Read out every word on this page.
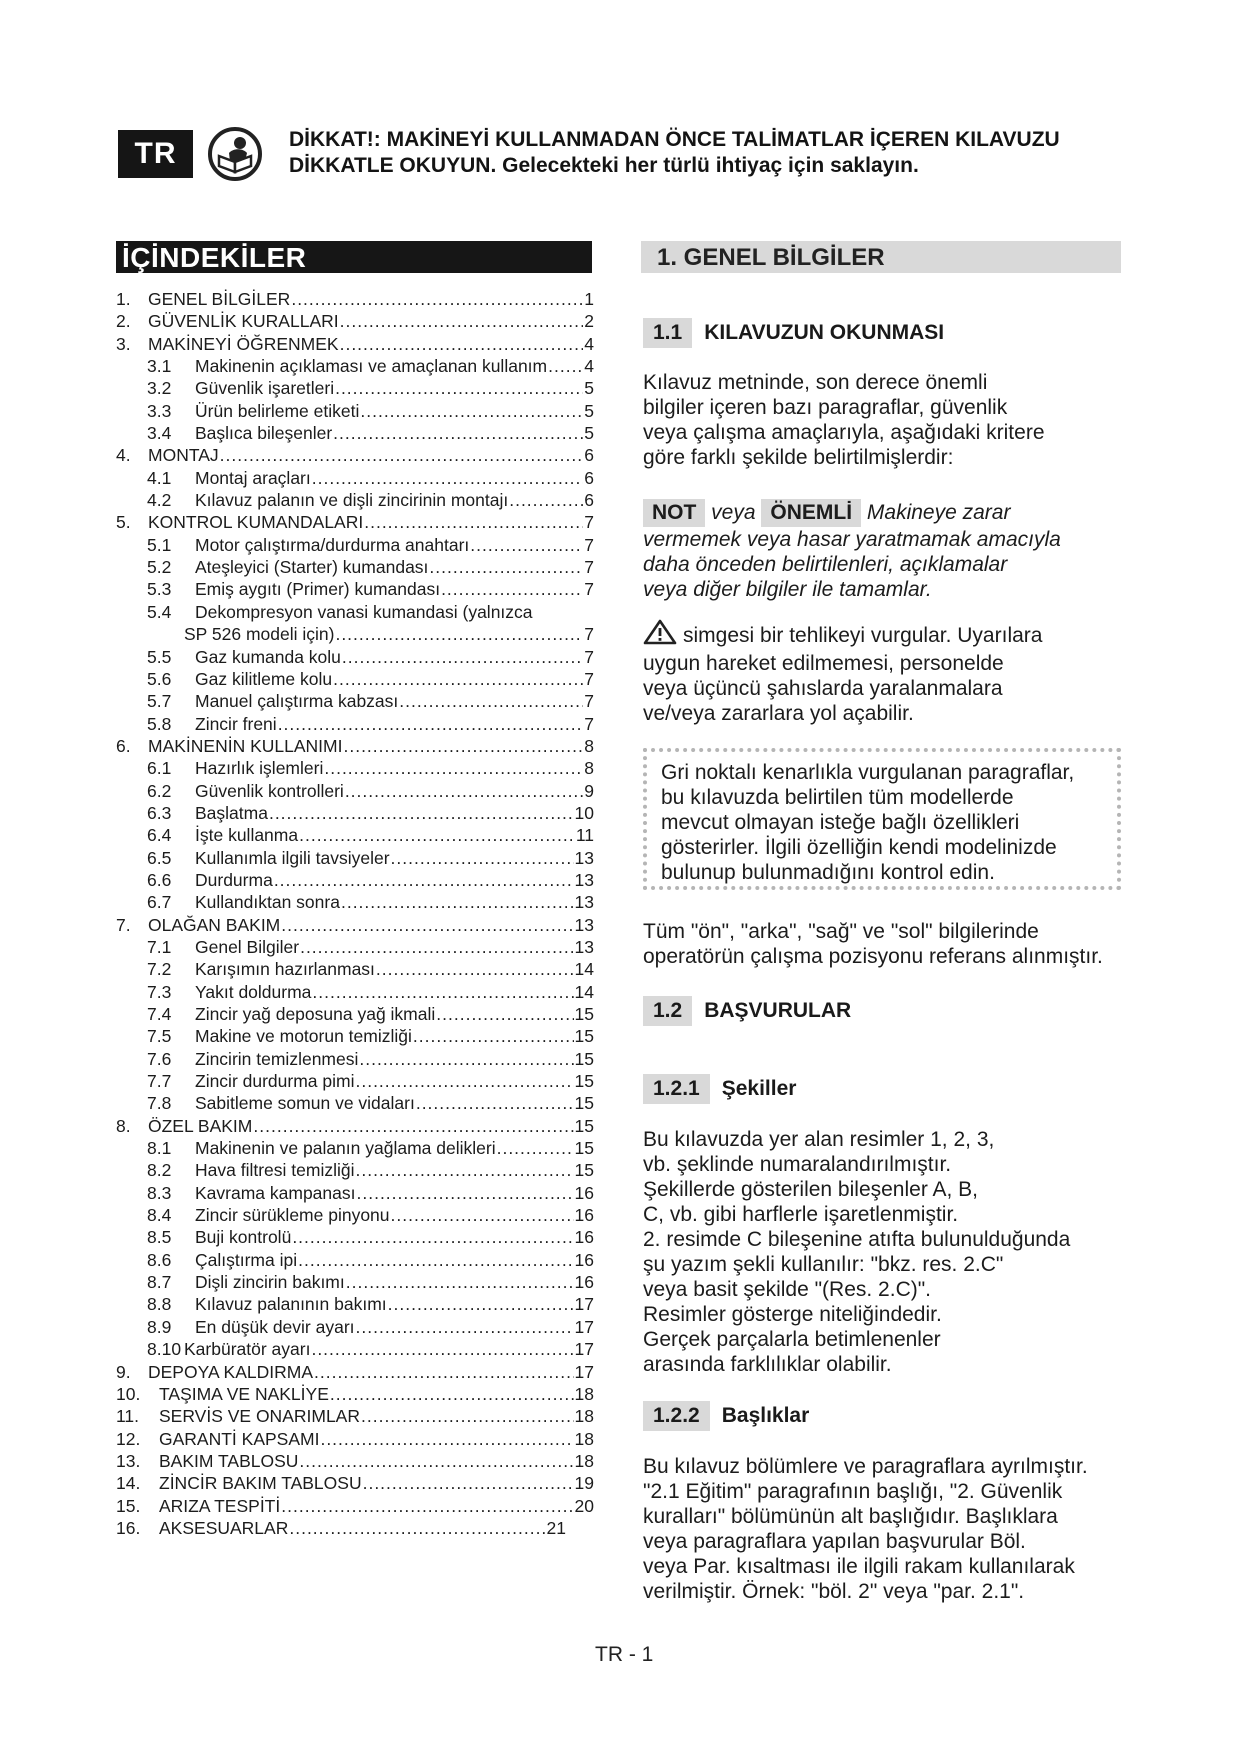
TR	DİKKAT!: MAKİNEYİ KULLANMADAN ÖNCE TALİMATLAR İÇEREN KILAVUZU
DİKKATLE OKUYUN. Gelecekteki her türlü ihtiyaç için saklayın.
İÇİNDEKİLER
1. GENEL BİLGİLER .....	1
2. GÜVENLİK KURALLARI .....	2
3. MAKİNEYİ ÖĞRENMEK .....	4
3.1	Makinenin açıklaması ve amaçlanan kullanım ..... 4
3.2	Güvenlik işaretleri .....	5
3.3	Ürün belirleme etiketi .....	5
3.4	Başlıca bileşenler .....	5
4. MONTAJ .....	6
4.1	Montaj araçları .....	6
4.2	Kılavuz palanın ve dişli zincirinin montajı .....	6
5. KONTROL KUMANDALARI .....	7
5.1	Motor çalıştırma/durdurma anahtarı .....	7
5.2	Ateşleyici (Starter) kumandası .....	7
5.3	Emiş aygıtı (Primer) kumandası .....	7
5.4	Dekompresyon vanasi kumandasi (yalnızca
SP 526 modeli için) .....	7
5.5	Gaz kumanda kolu .....	7
5.6	Gaz kilitleme kolu .....	7
5.7	Manuel çalıştırma kabzası .....	7
5.8	Zincir freni .....	7
6. MAKİNENİN KULLANIMI .....	8
6.1	Hazırlık işlemleri .....	8
6.2	Güvenlik kontrolleri .....	9
6.3	Başlatma .....	10
6.4	İşte kullanma .....	11
6.5	Kullanımla ilgili tavsiyeler .....	13
6.6	Durdurma .....	13
6.7	Kullandıktan sonra .....	13
7. OLAĞAN BAKIM .....	13
7.1	Genel Bilgiler .....	13
7.2	Karışımın hazırlanması .....	14
7.3	Yakıt doldurma .....	14
7.4	Zincir yağ deposuna yağ ikmali .....	15
7.5	Makine ve motorun temizliği .....	15
7.6	Zincirin temizlenmesi .....	15
7.7	Zincir durdurma pimi .....	15
7.8	Sabitleme somun ve vidaları .....	15
8. ÖZEL BAKIM .....	15
8.1	Makinenin ve palanın yağlama delikleri .....	15
8.2	Hava filtresi temizliği .....	15
8.3	Kavrama kampanası .....	16
8.4	Zincir sürükleme pinyonu .....	16
8.5	Buji kontrolü .....	16
8.6	Çalıştırma ipi .....	16
8.7	Dişli zincirin bakımı .....	16
8.8	Kılavuz palanının bakımı .....	17
8.9	En düşük devir ayarı .....	17
8.10 Karbüratör ayarı .....	17
9. DEPOYA KALDIRMA .....	17
10.	TAŞIMA VE NAKLİYE .....	18
11.	SERVİS VE ONARIMLAR .....	18
12.	GARANTİ KAPSAMI .....	18
13.	BAKIM TABLOSU .....	18
14.	ZİNCİR BAKIM TABLOSU .....	19
15.	ARIZA TESPİTİ .....	20
16.	AKSESUARLAR .....	21
1. GENEL BİLGİLER
1.1	KILAVUZUN OKUNMASI

Kılavuz metninde, son derece önemli

bilgiler içeren bazı paragraflar, güvenlik

veya çalışma amaçlarıyla, aşağıdaki kritere

göre farklı şekilde belirtilmişlerdir:

NOT veya ÖNEMLİ Makineye zarar

vermemek veya hasar yaratmamak amacıyla

daha önceden belirtilenleri, açıklamalar

veya diğer bilgiler ile tamamlar.

simgesi bir tehlikeyi vurgular. Uyarılara

uygun hareket edilmemesi, personelde

veya üçüncü şahıslarda yaralanmalara

ve/veya zararlara yol açabilir.

Gri noktalı kenarlıkla vurgulanan paragraflar,

bu kılavuzda belirtilen tüm modellerde

mevcut olmayan isteğe bağlı özellikleri

gösterirler. İlgili özelliğin kendi modelinizde

bulunup bulunmadığını kontrol edin.

Tüm "ön", "arka", "sağ" ve "sol" bilgilerinde

operatörün çalışma pozisyonu referans alınmıştır.

1.2	BAŞVURULAR
1.2.1	Şekiller

Bu kılavuzda yer alan resimler 1, 2, 3,

vb. şeklinde numaralandırılmıştır.

Şekillerde gösterilen bileşenler A, B,

C, vb. gibi harflerle işaretlenmiştir.

2. resimde C bileşenine atıfta bulunulduğunda

şu yazım şekli kullanılır: "bkz. res. 2.C"

veya basit şekilde "(Res. 2.C)".

Resimler gösterge niteliğindedir.

Gerçek parçalarla betimlenenler

arasında farklılıklar olabilir.

1.2.2	Başlıklar

Bu kılavuz bölümlere ve paragraflara ayrılmıştır.

"2.1 Eğitim" paragrafının başlığı, "2. Güvenlik

kuralları" bölümünün alt başlığıdır. Başlıklara

veya paragraflara yapılan başvurular Böl.

veya Par. kısaltması ile ilgili rakam kullanılarak

verilmiştir. Örnek: "böl. 2" veya "par. 2.1".

TR - 1
